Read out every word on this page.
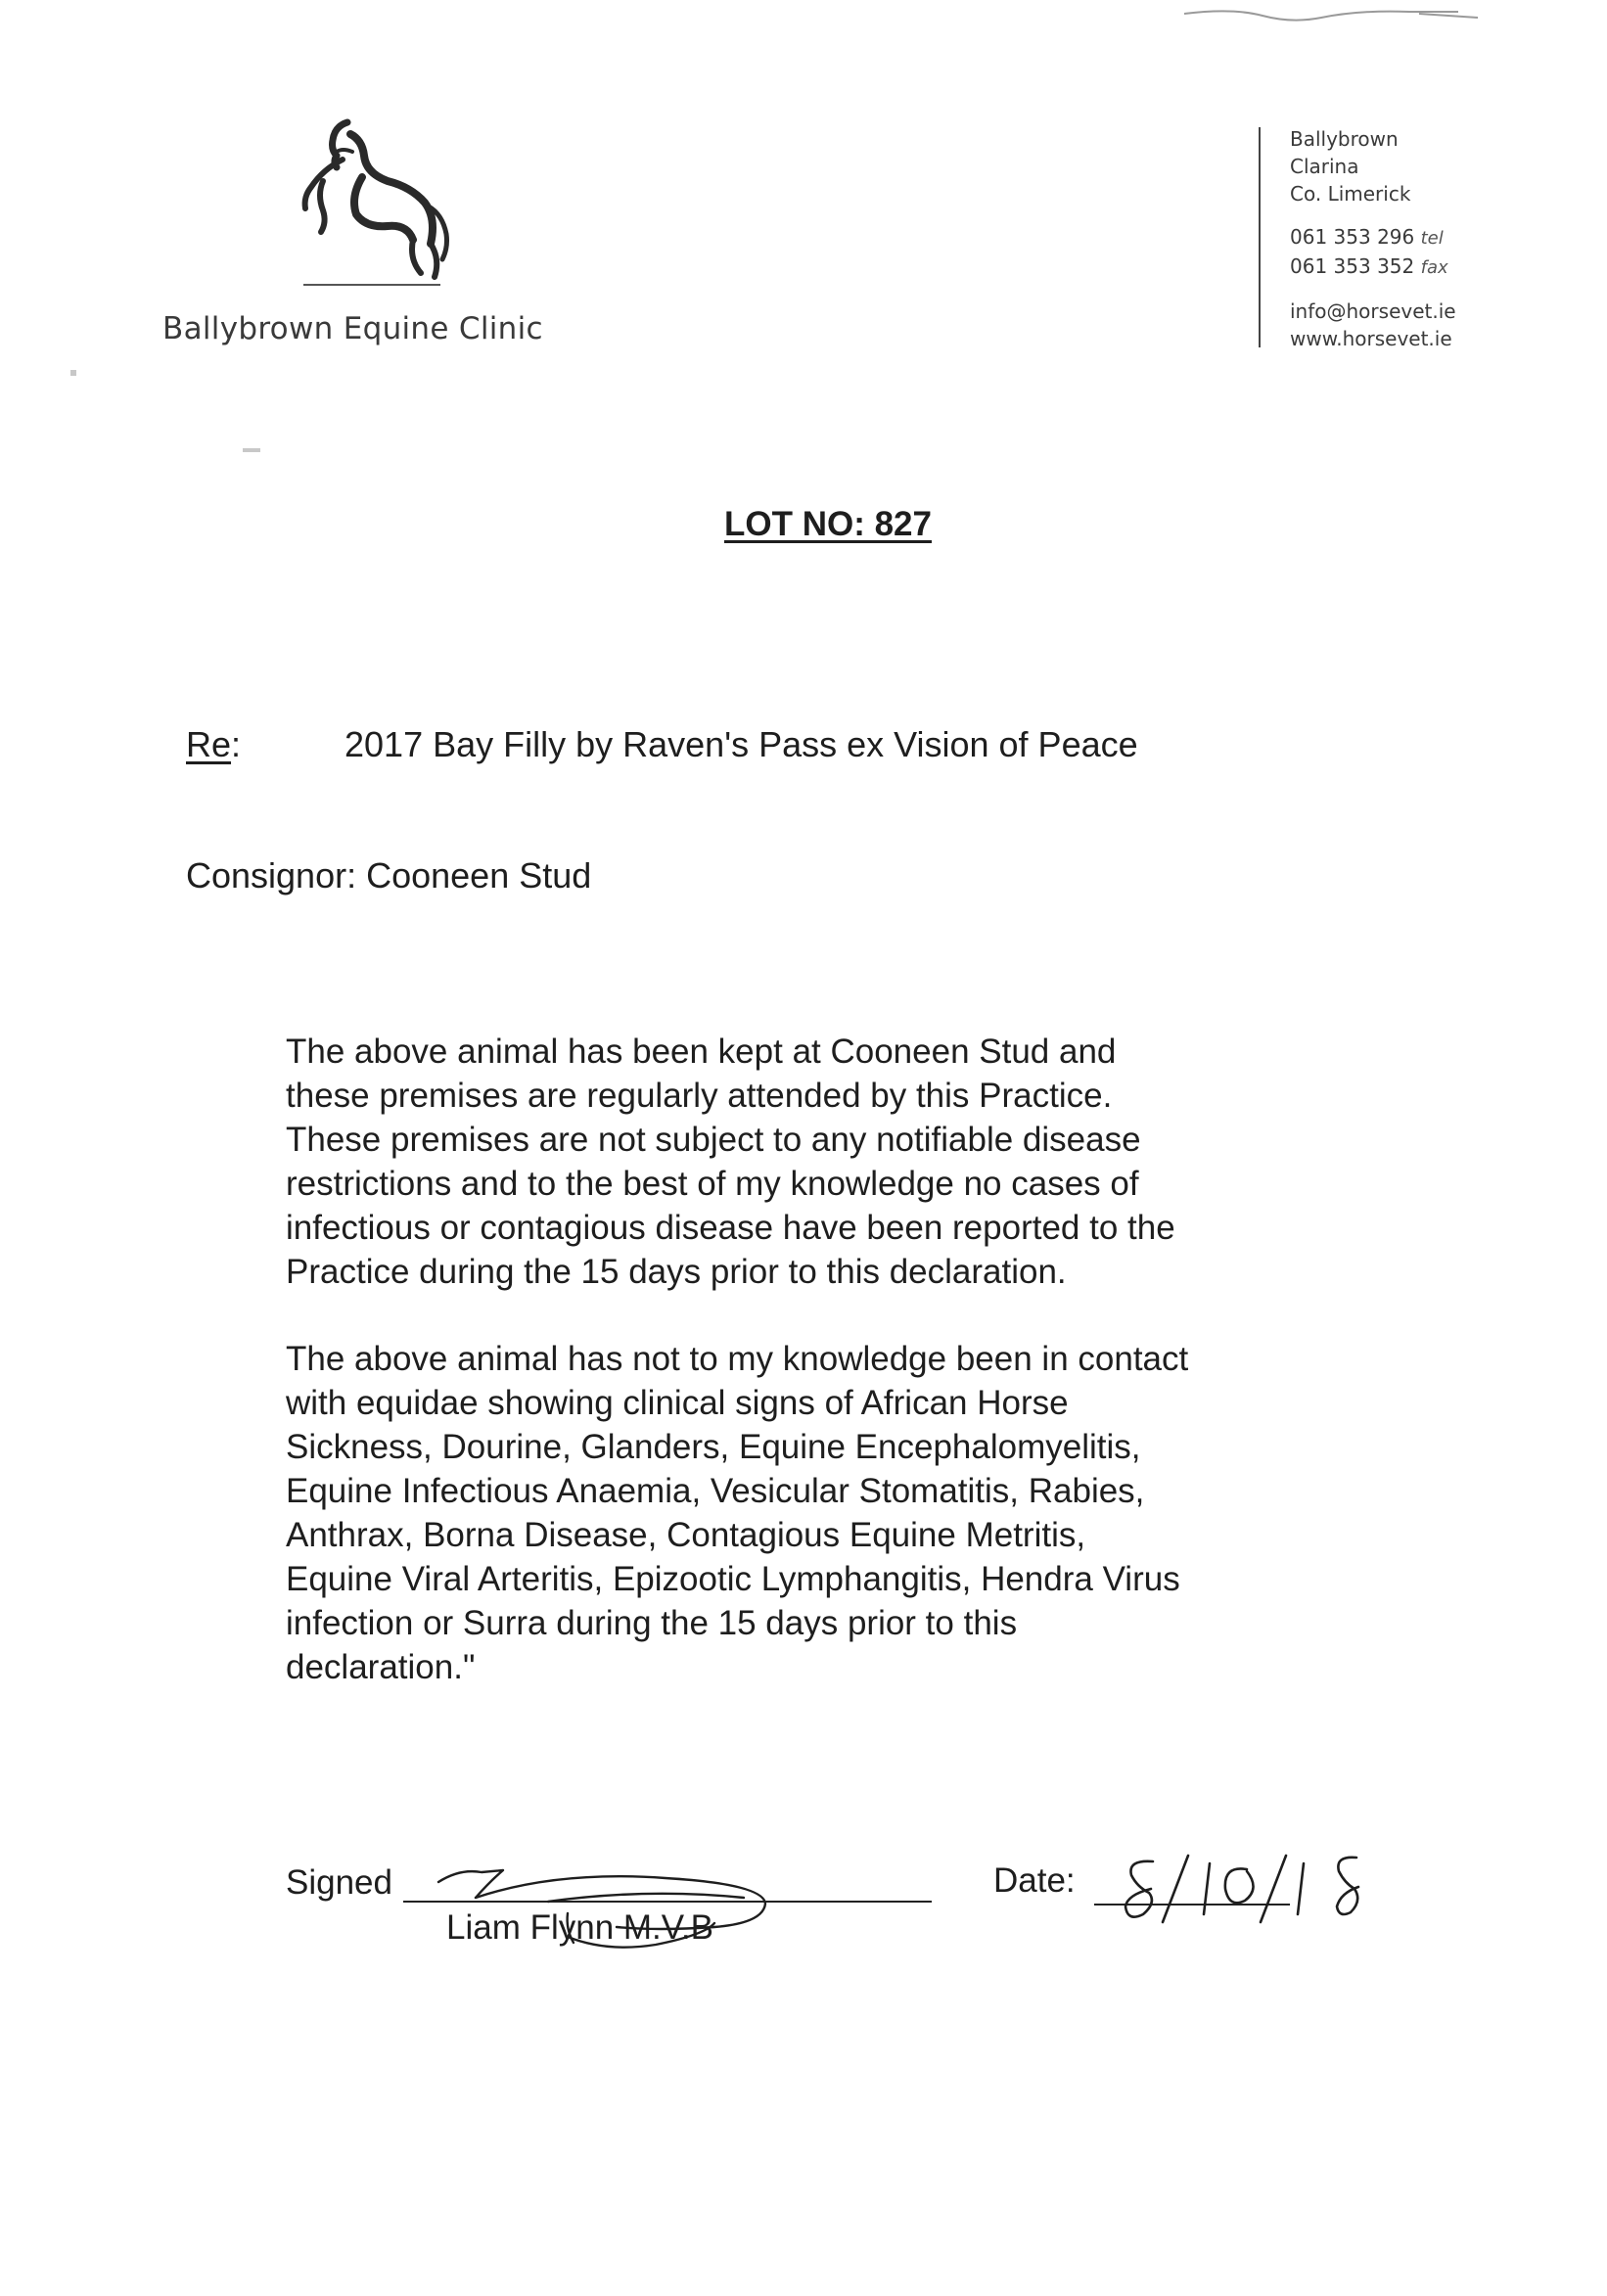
Ballybrown Equine Clinic
Ballybrown
Clarina
Co. Limerick
061 353 296 tel
061 353 352 fax
info@horsevet.ie
www.horsevet.ie
LOT NO: 827
Re:	2017 Bay Filly by Raven's Pass ex Vision of Peace
Consignor: Cooneen Stud
The above animal has been kept at Cooneen Stud and
these premises are regularly attended by this Practice.
These premises are not subject to any notifiable disease
restrictions and to the best of my knowledge no cases of
infectious or contagious disease have been reported to the
Practice during the 15 days prior to this declaration.
The above animal has not to my knowledge been in contact
with equidae showing clinical signs of African Horse
Sickness, Dourine, Glanders, Equine Encephalomyelitis,
Equine Infectious Anaemia, Vesicular Stomatitis, Rabies,
Anthrax, Borna Disease, Contagious Equine Metritis,
Equine Viral Arteritis, Epizootic Lymphangitis, Hendra Virus
infection or Surra during the 15 days prior to this
declaration."
Signed
Liam Flynn M.V.B
Date:
